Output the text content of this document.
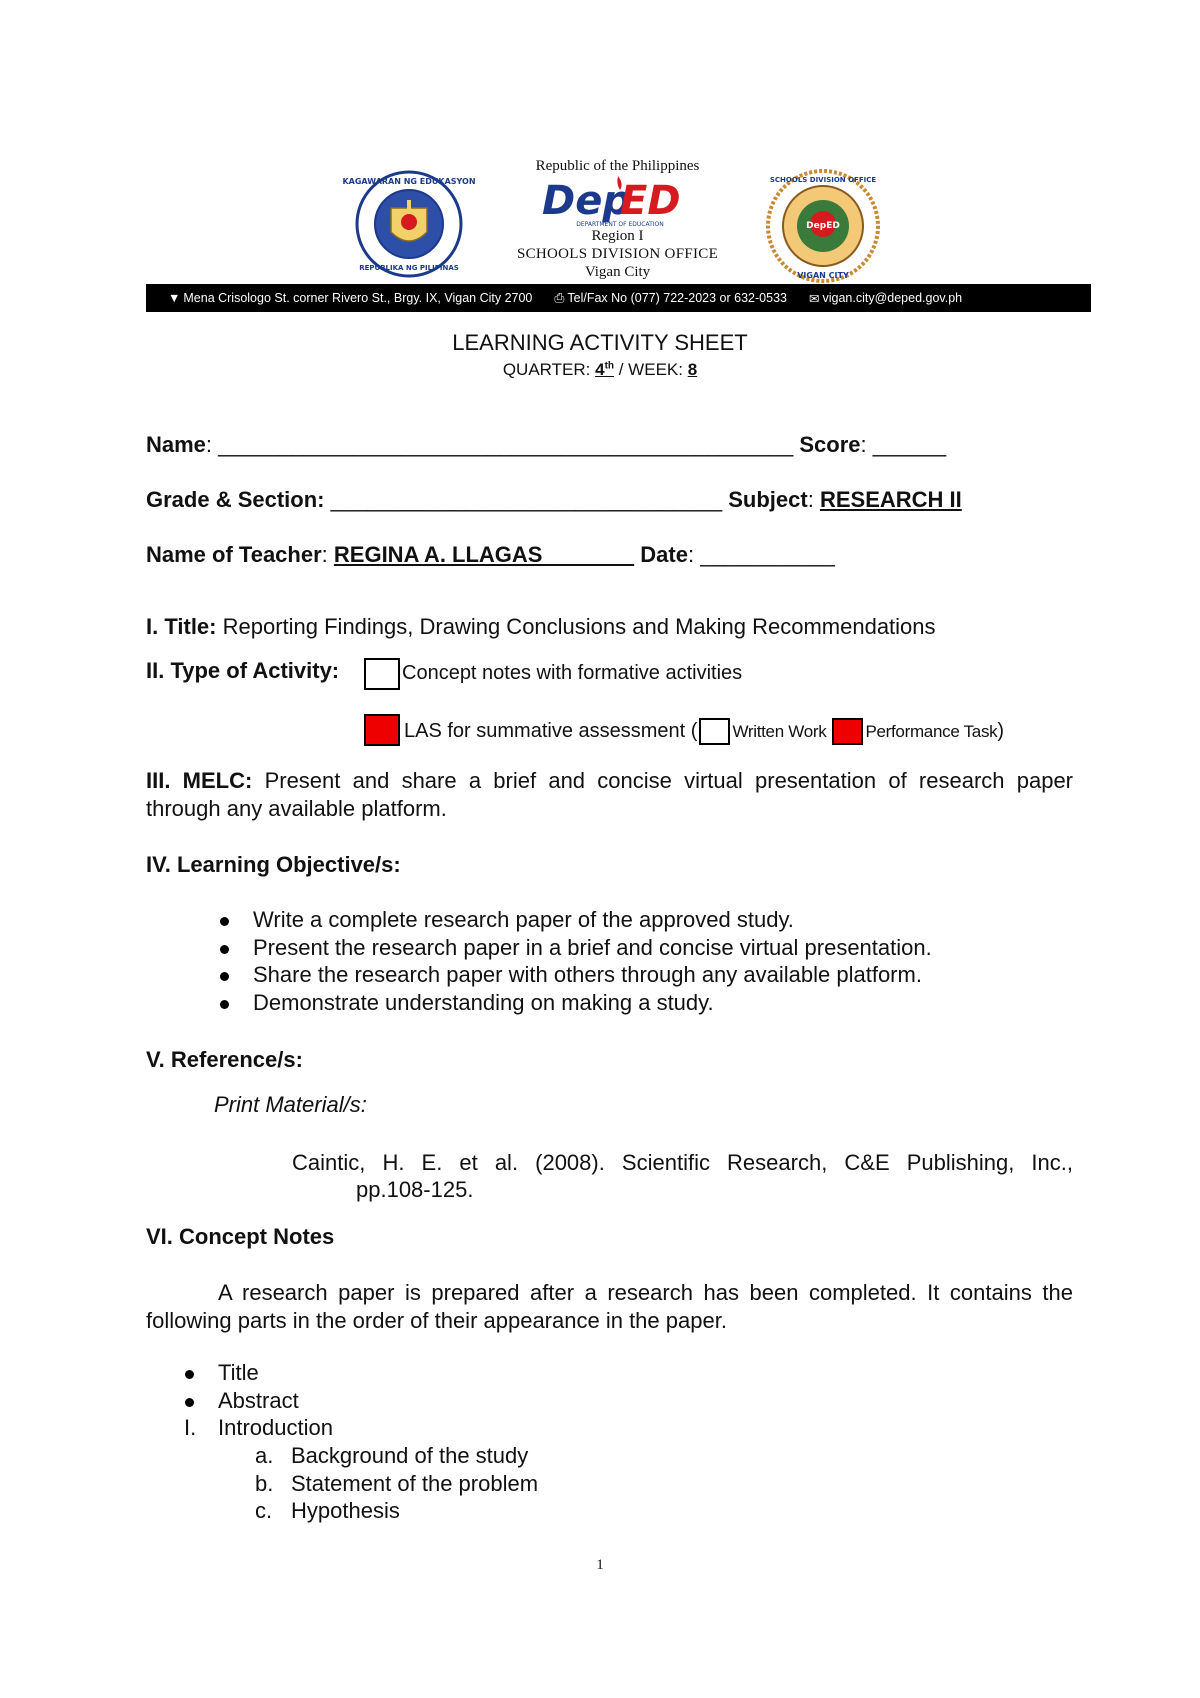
KAGAWARAN NG EDUKASYON
REPUBLIKA NG PILIPINAS
Republic of the Philippines
Dep
ED
DEPARTMENT OF EDUCATION
Region I
SCHOOLS DIVISION OFFICE
Vigan City
DepED
SCHOOLS DIVISION OFFICE
VIGAN CITY
▼ Mena Crisologo St. corner Rivero St., Brgy. IX, Vigan City 2700 ⎙ Tel/Fax No (077) 722-2023 or 632-0533 ✉ vigan.city@deped.gov.ph
LEARNING ACTIVITY SHEET
QUARTER: 4th / WEEK: 8
Name: _______________________________________________ Score: ______
Grade & Section: ________________________________ Subject: RESEARCH II
Name of Teacher: REGINA A. LLAGAS	Date: ___________
I. Title: Reporting Findings, Drawing Conclusions and Making Recommendations
II. Type of Activity:	Concept notes with formative activities
LAS for summative assessment ( Written Work Performance Task )
III. MELC: Present and share a brief and concise virtual presentation of research paper through any available platform.
IV. Learning Objective/s:
Write a complete research paper of the approved study.
Present the research paper in a brief and concise virtual presentation.
Share the research paper with others through any available platform.
Demonstrate understanding on making a study.
V. Reference/s:
Print Material/s:
Caintic, H. E. et al. (2008). Scientific Research, C&E Publishing, Inc.,
pp.108-125.
VI. Concept Notes
A research paper is prepared after a research has been completed. It contains the following parts in the order of their appearance in the paper.
Title
Abstract
I. Introduction
a. Background of the study
b. Statement of the problem
c. Hypothesis
1
